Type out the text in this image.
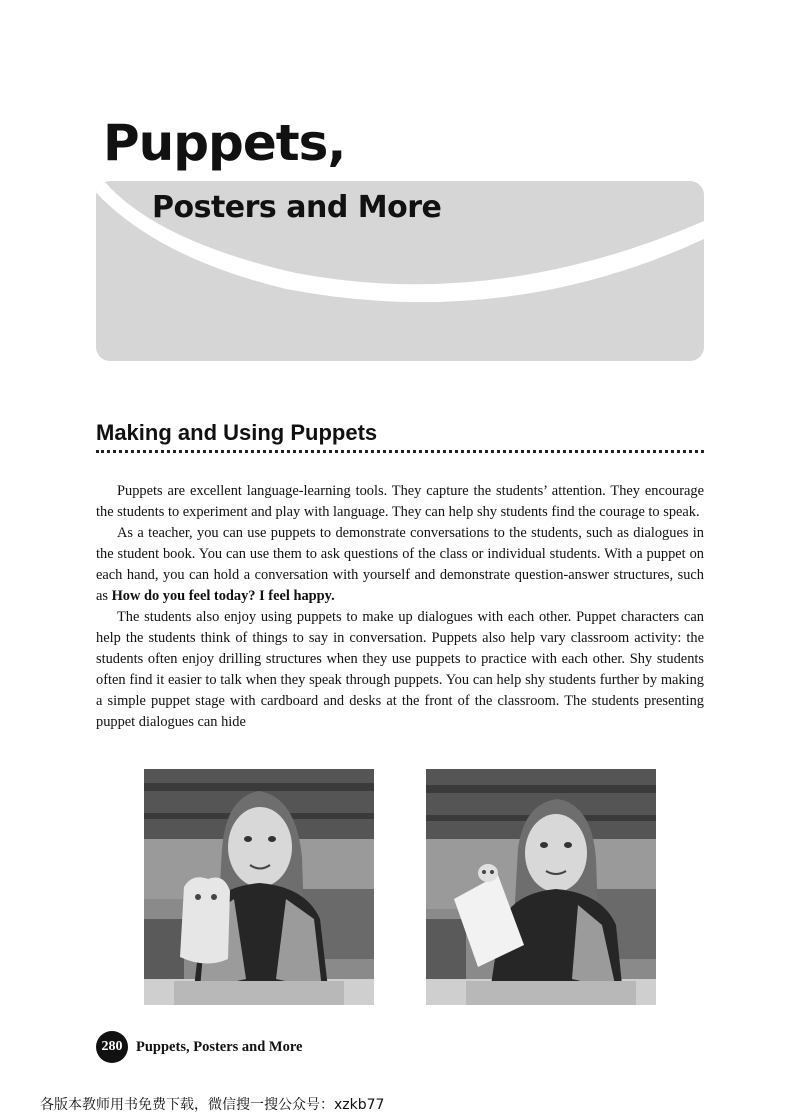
Puppets,
Posters and More
Making and Using Puppets

Puppets are excellent language-learning tools. They capture the students’ attention. They encourage the students to experiment and play with language. They can help shy students find the courage to speak.

As a teacher, you can use puppets to demonstrate conversations to the students, such as dialogues in the student book. You can use them to ask questions of the class or individual students. With a puppet on each hand, you can hold a conversation with yourself and demonstrate question-answer structures, such as How do you feel today? I feel happy.

The students also enjoy using puppets to make up dialogues with each other. Puppet characters can help the students think of things to say in conversation. Puppets also help vary classroom activity: the students often enjoy drilling structures when they use puppets to practice with each other. Shy students often find it easier to talk when they speak through puppets. You can help shy students further by making a simple puppet stage with cardboard and desks at the front of the classroom. The students presenting puppet dialogues can hide

280 Puppets, Posters and More
各版本教师用书免费下载，微信搜一搜公众号：xzkb77
